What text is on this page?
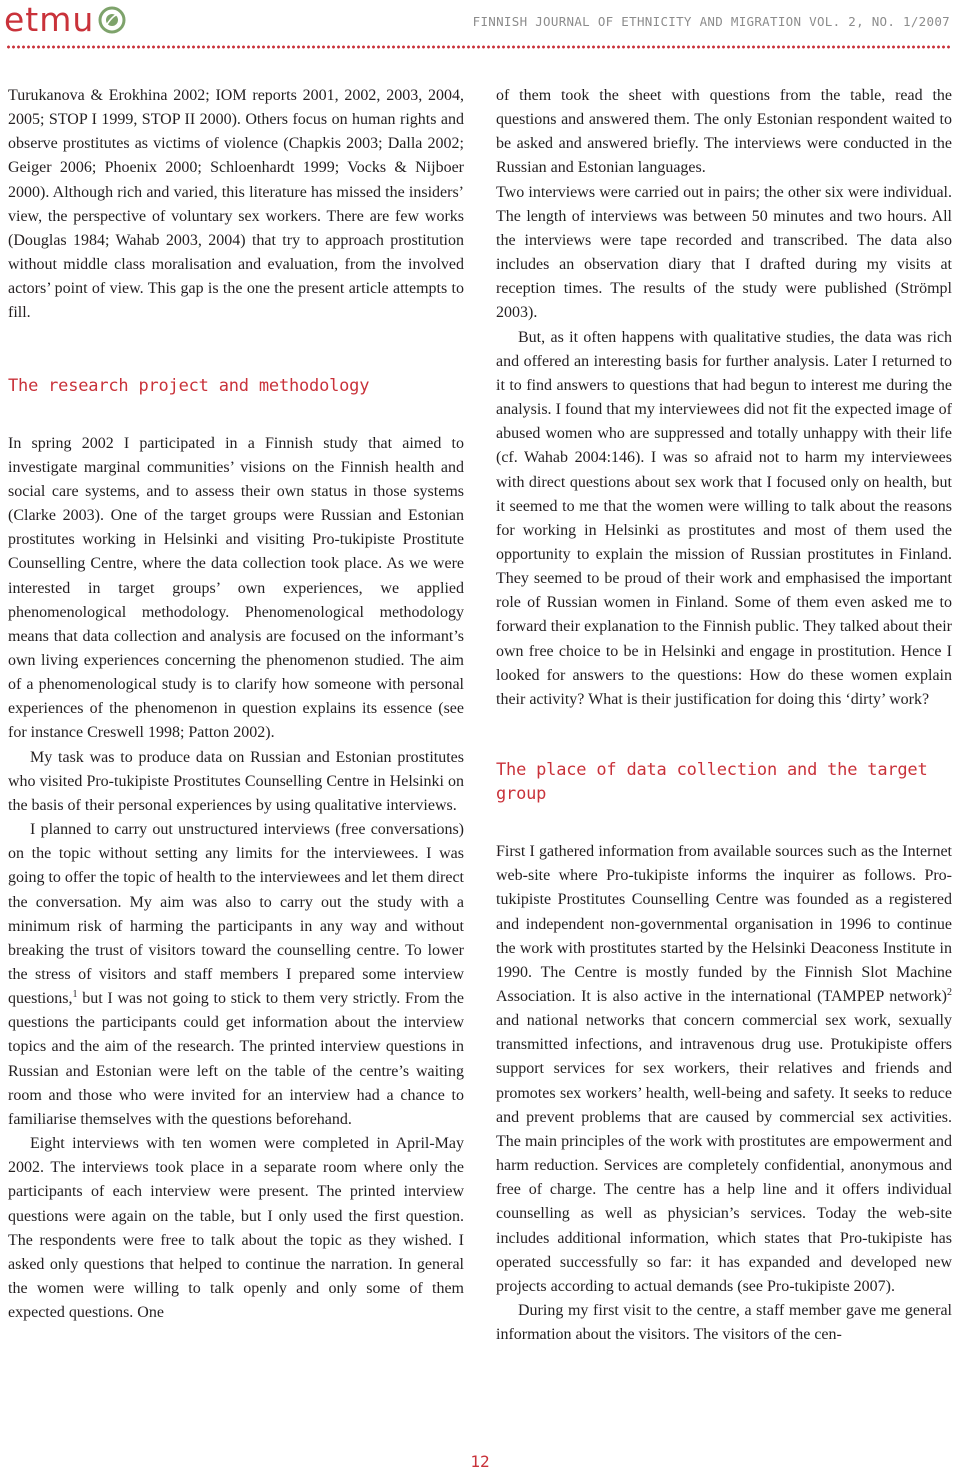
etmu	FINNISH JOURNAL OF ETHNICITY AND MIGRATION VOL. 2, NO. 1/2007

Turukanova & Erokhina 2002; IOM reports 2001, 2002, 2003, 2004, 2005; STOP I 1999, STOP II 2000). Others focus on human rights and observe prostitutes as victims of violence (Chapkis 2003; Dalla 2002; Geiger 2006; Phoenix 2000; Schloenhardt 1999; Vocks & Nijboer 2000). Although rich and varied, this literature has missed the insiders’ view, the perspective of voluntary sex workers. There are few works (Douglas 1984; Wahab 2003, 2004) that try to approach prostitution without middle class moralisation and evaluation, from the involved actors’ point of view. This gap is the one the present article attempts to fill.

The research project and methodology

In spring 2002 I participated in a Finnish study that aimed to investigate marginal communities’ visions on the Finnish health and social care systems, and to assess their own status in those systems (Clarke 2003). One of the target groups were Russian and Estonian prostitutes working in Helsinki and visiting Pro-tukipiste Prostitute Counselling Centre, where the data collection took place. As we were interested in target groups’ own experiences, we applied phenomenological methodology. Phenomenological methodology means that data collection and analysis are focused on the informant’s own living experiences concerning the phenomenon studied. The aim of a phenomenological study is to clarify how someone with personal experiences of the phenomenon in question explains its essence (see for instance Creswell 1998; Patton 2002).

My task was to produce data on Russian and Estonian prostitutes who visited Pro-tukipiste Prostitutes Counselling Centre in Helsinki on the basis of their personal experiences by using qualitative interviews.

I planned to carry out unstructured interviews (free conversations) on the topic without setting any limits for the interviewees. I was going to offer the topic of health to the interviewees and let them direct the conversation. My aim was also to carry out the study with a minimum risk of harming the participants in any way and without breaking the trust of visitors toward the counselling centre. To lower the stress of visitors and staff members I prepared some interview questions,$^1$ but I was not going to stick to them very strictly. From the questions the participants could get information about the interview topics and the aim of the research. The printed interview questions in Russian and Estonian were left on the table of the centre’s waiting room and those who were invited for an interview had a chance to familiarise themselves with the questions beforehand.

Eight interviews with ten women were completed in April-May 2002. The interviews took place in a separate room where only the participants of each interview were present. The printed interview questions were again on the table, but I only used the first question. The respondents were free to talk about the topic as they wished. I asked only questions that helped to continue the narration. In general the women were willing to talk openly and only some of them expected questions. One

of them took the sheet with questions from the table, read the questions and answered them. The only Estonian respondent waited to be asked and answered briefly. The interviews were conducted in the Russian and Estonian languages.

Two interviews were carried out in pairs; the other six were individual. The length of interviews was between 50 minutes and two hours. All the interviews were tape recorded and transcribed. The data also includes an observation diary that I drafted during my visits at reception times. The results of the study were published (Strömpl 2003).

But, as it often happens with qualitative studies, the data was rich and offered an interesting basis for further analysis. Later I returned to it to find answers to questions that had begun to interest me during the analysis. I found that my interviewees did not fit the expected image of abused women who are suppressed and totally unhappy with their life (cf. Wahab 2004:146). I was so afraid not to harm my interviewees with direct questions about sex work that I focused only on health, but it seemed to me that the women were willing to talk about the reasons for working in Helsinki as prostitutes and most of them used the opportunity to explain the mission of Russian prostitutes in Finland. They seemed to be proud of their work and emphasised the important role of Russian women in Finland. Some of them even asked me to forward their explanation to the Finnish public. They talked about their own free choice to be in Helsinki and engage in prostitution. Hence I looked for answers to the questions: How do these women explain their activity? What is their justification for doing this ‘dirty’ work?

The place of data collection and the target group

First I gathered information from available sources such as the Internet web-site where Pro-tukipiste informs the inquirer as follows. Pro-tukipiste Prostitutes Counselling Centre was founded as a registered and independent non-governmental organisation in 1996 to continue the work with prostitutes started by the Helsinki Deaconess Institute in 1990. The Centre is mostly funded by the Finnish Slot Machine Association. It is also active in the international (TAMPEP network)$^2$ and national networks that concern commercial sex work, sexually transmitted infections, and intravenous drug use. Protukipiste offers support services for sex workers, their relatives and friends and promotes sex workers’ health, well-being and safety. It seeks to reduce and prevent problems that are caused by commercial sex activities. The main principles of the work with prostitutes are empowerment and harm reduction. Services are completely confidential, anonymous and free of charge. The centre has a help line and it offers individual counselling as well as physician’s services. Today the web-site includes additional information, which states that Pro-tukipiste has operated successfully so far: it has expanded and developed new projects according to actual demands (see Pro-tukipiste 2007).

During my first visit to the centre, a staff member gave me general information about the visitors. The visitors of the cen-

12
